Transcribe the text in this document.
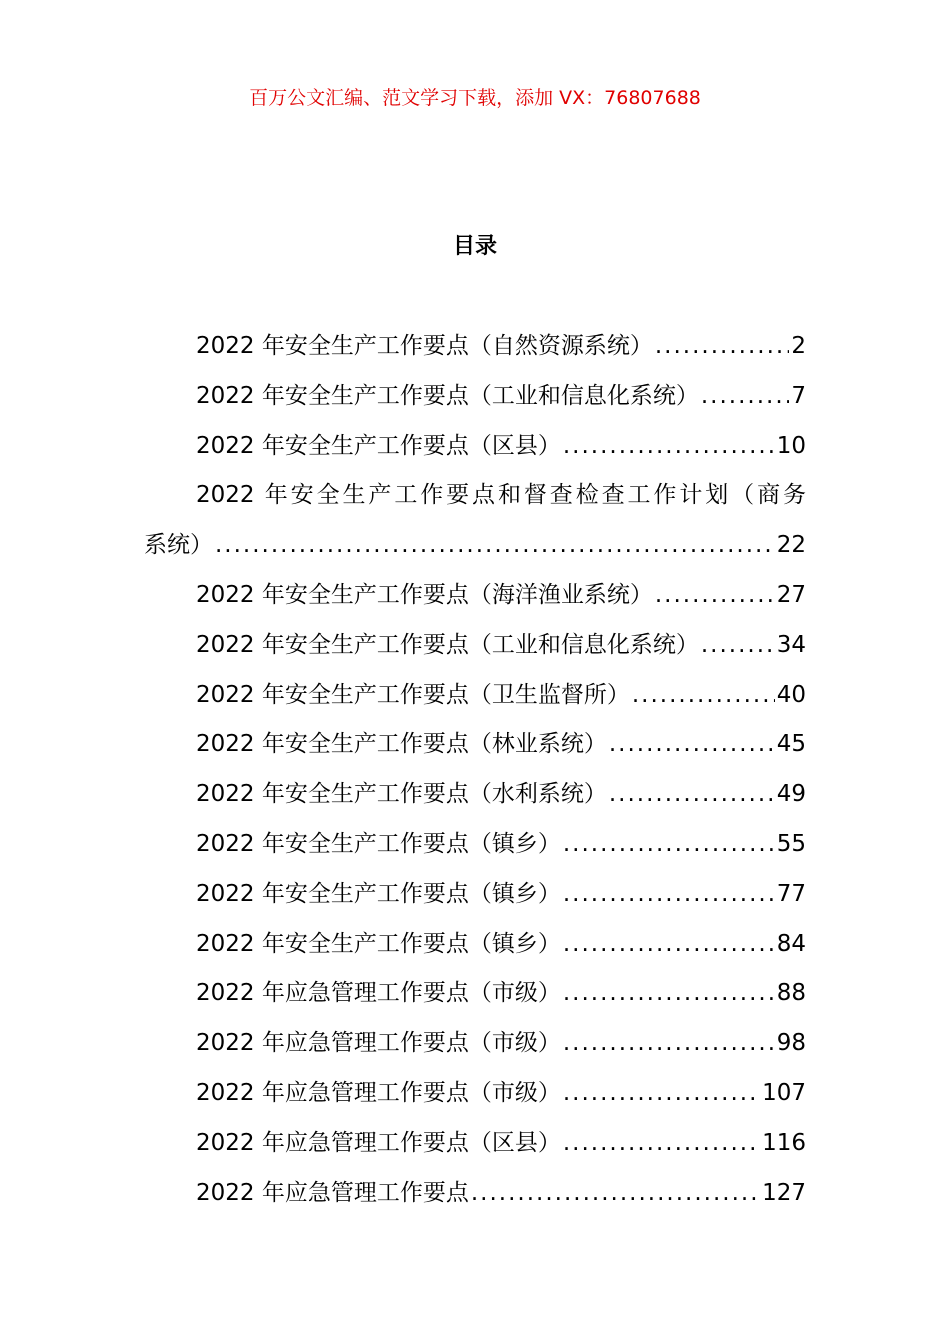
百万公文汇编、范文学习下载，添加 VX：76807688
目录
2022 年安全生产工作要点（自然资源系统） .....	2
2022 年安全生产工作要点（工业和信息化系统） .....	7
2022 年安全生产工作要点（区县） .....	10
2022 年安全生产工作要点和督查检查工作计划（商务
系统） .....	22
2022 年安全生产工作要点（海洋渔业系统） .....	27
2022 年安全生产工作要点（工业和信息化系统） .....	34
2022 年安全生产工作要点（卫生监督所） .....	40
2022 年安全生产工作要点（林业系统） .....	45
2022 年安全生产工作要点（水利系统） .....	49
2022 年安全生产工作要点（镇乡） .....	55
2022 年安全生产工作要点（镇乡） .....	77
2022 年安全生产工作要点（镇乡） .....	84
2022 年应急管理工作要点（市级） .....	88
2022 年应急管理工作要点（市级） .....	98
2022 年应急管理工作要点（市级） .....	107
2022 年应急管理工作要点（区县） .....	116
2022 年应急管理工作要点 .....	127
